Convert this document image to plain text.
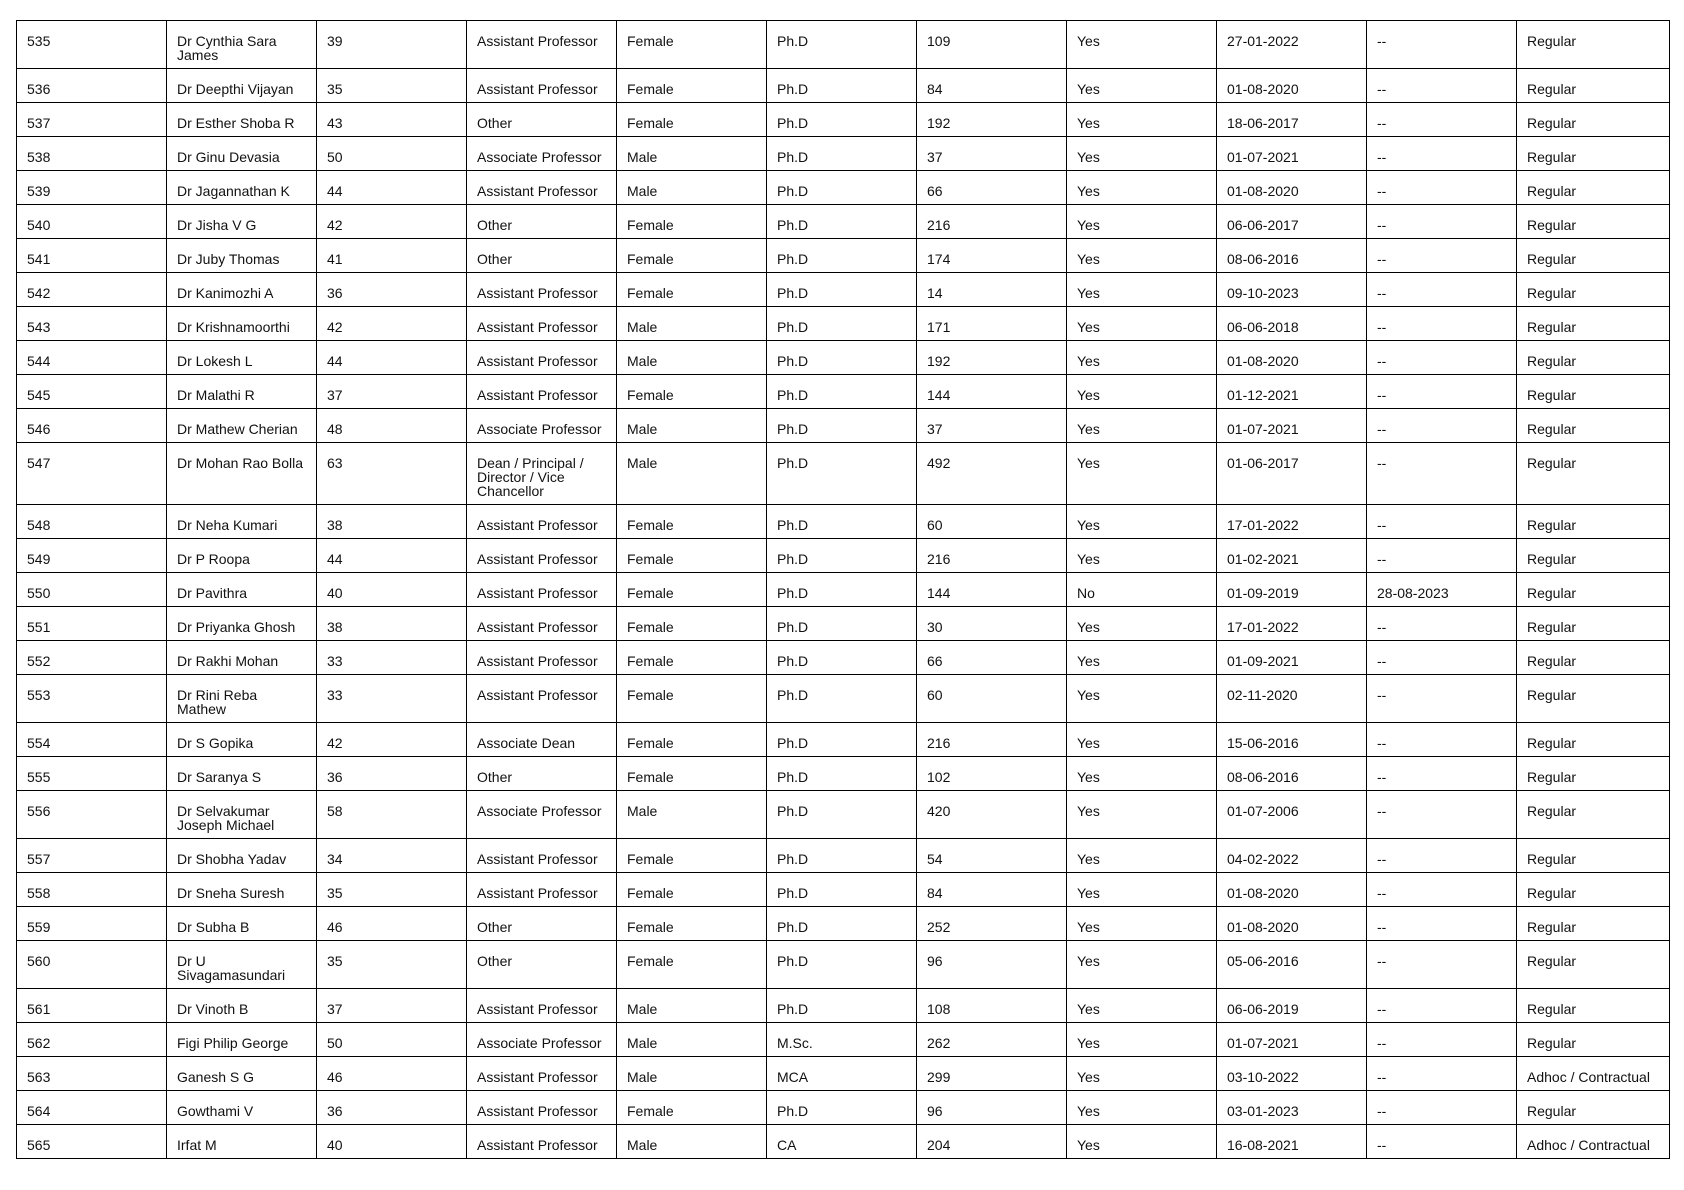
535	Dr Cynthia Sara James	39	Assistant Professor	Female	Ph.D	109	Yes	27-01-2022	--	Regular
536	Dr Deepthi Vijayan	35	Assistant Professor	Female	Ph.D	84	Yes	01-08-2020	--	Regular
537	Dr Esther Shoba R	43	Other	Female	Ph.D	192	Yes	18-06-2017	--	Regular
538	Dr Ginu Devasia	50	Associate Professor	Male	Ph.D	37	Yes	01-07-2021	--	Regular
539	Dr Jagannathan K	44	Assistant Professor	Male	Ph.D	66	Yes	01-08-2020	--	Regular
540	Dr Jisha V G	42	Other	Female	Ph.D	216	Yes	06-06-2017	--	Regular
541	Dr Juby Thomas	41	Other	Female	Ph.D	174	Yes	08-06-2016	--	Regular
542	Dr Kanimozhi A	36	Assistant Professor	Female	Ph.D	14	Yes	09-10-2023	--	Regular
543	Dr Krishnamoorthi	42	Assistant Professor	Male	Ph.D	171	Yes	06-06-2018	--	Regular
544	Dr Lokesh L	44	Assistant Professor	Male	Ph.D	192	Yes	01-08-2020	--	Regular
545	Dr Malathi R	37	Assistant Professor	Female	Ph.D	144	Yes	01-12-2021	--	Regular
546	Dr Mathew Cherian	48	Associate Professor	Male	Ph.D	37	Yes	01-07-2021	--	Regular
547	Dr Mohan Rao Bolla	63	Dean / Principal / Director / Vice Chancellor	Male	Ph.D	492	Yes	01-06-2017	--	Regular
548	Dr Neha Kumari	38	Assistant Professor	Female	Ph.D	60	Yes	17-01-2022	--	Regular
549	Dr P Roopa	44	Assistant Professor	Female	Ph.D	216	Yes	01-02-2021	--	Regular
550	Dr Pavithra	40	Assistant Professor	Female	Ph.D	144	No	01-09-2019	28-08-2023	Regular
551	Dr Priyanka Ghosh	38	Assistant Professor	Female	Ph.D	30	Yes	17-01-2022	--	Regular
552	Dr Rakhi Mohan	33	Assistant Professor	Female	Ph.D	66	Yes	01-09-2021	--	Regular
553	Dr Rini Reba Mathew	33	Assistant Professor	Female	Ph.D	60	Yes	02-11-2020	--	Regular
554	Dr S Gopika	42	Associate Dean	Female	Ph.D	216	Yes	15-06-2016	--	Regular
555	Dr Saranya S	36	Other	Female	Ph.D	102	Yes	08-06-2016	--	Regular
556	Dr Selvakumar Joseph Michael	58	Associate Professor	Male	Ph.D	420	Yes	01-07-2006	--	Regular
557	Dr Shobha Yadav	34	Assistant Professor	Female	Ph.D	54	Yes	04-02-2022	--	Regular
558	Dr Sneha Suresh	35	Assistant Professor	Female	Ph.D	84	Yes	01-08-2020	--	Regular
559	Dr Subha B	46	Other	Female	Ph.D	252	Yes	01-08-2020	--	Regular
560	Dr U Sivagamasundari	35	Other	Female	Ph.D	96	Yes	05-06-2016	--	Regular
561	Dr Vinoth B	37	Assistant Professor	Male	Ph.D	108	Yes	06-06-2019	--	Regular
562	Figi Philip George	50	Associate Professor	Male	M.Sc.	262	Yes	01-07-2021	--	Regular
563	Ganesh S G	46	Assistant Professor	Male	MCA	299	Yes	03-10-2022	--	Adhoc / Contractual
564	Gowthami V	36	Assistant Professor	Female	Ph.D	96	Yes	03-01-2023	--	Regular
565	Irfat M	40	Assistant Professor	Male	CA	204	Yes	16-08-2021	--	Adhoc / Contractual
